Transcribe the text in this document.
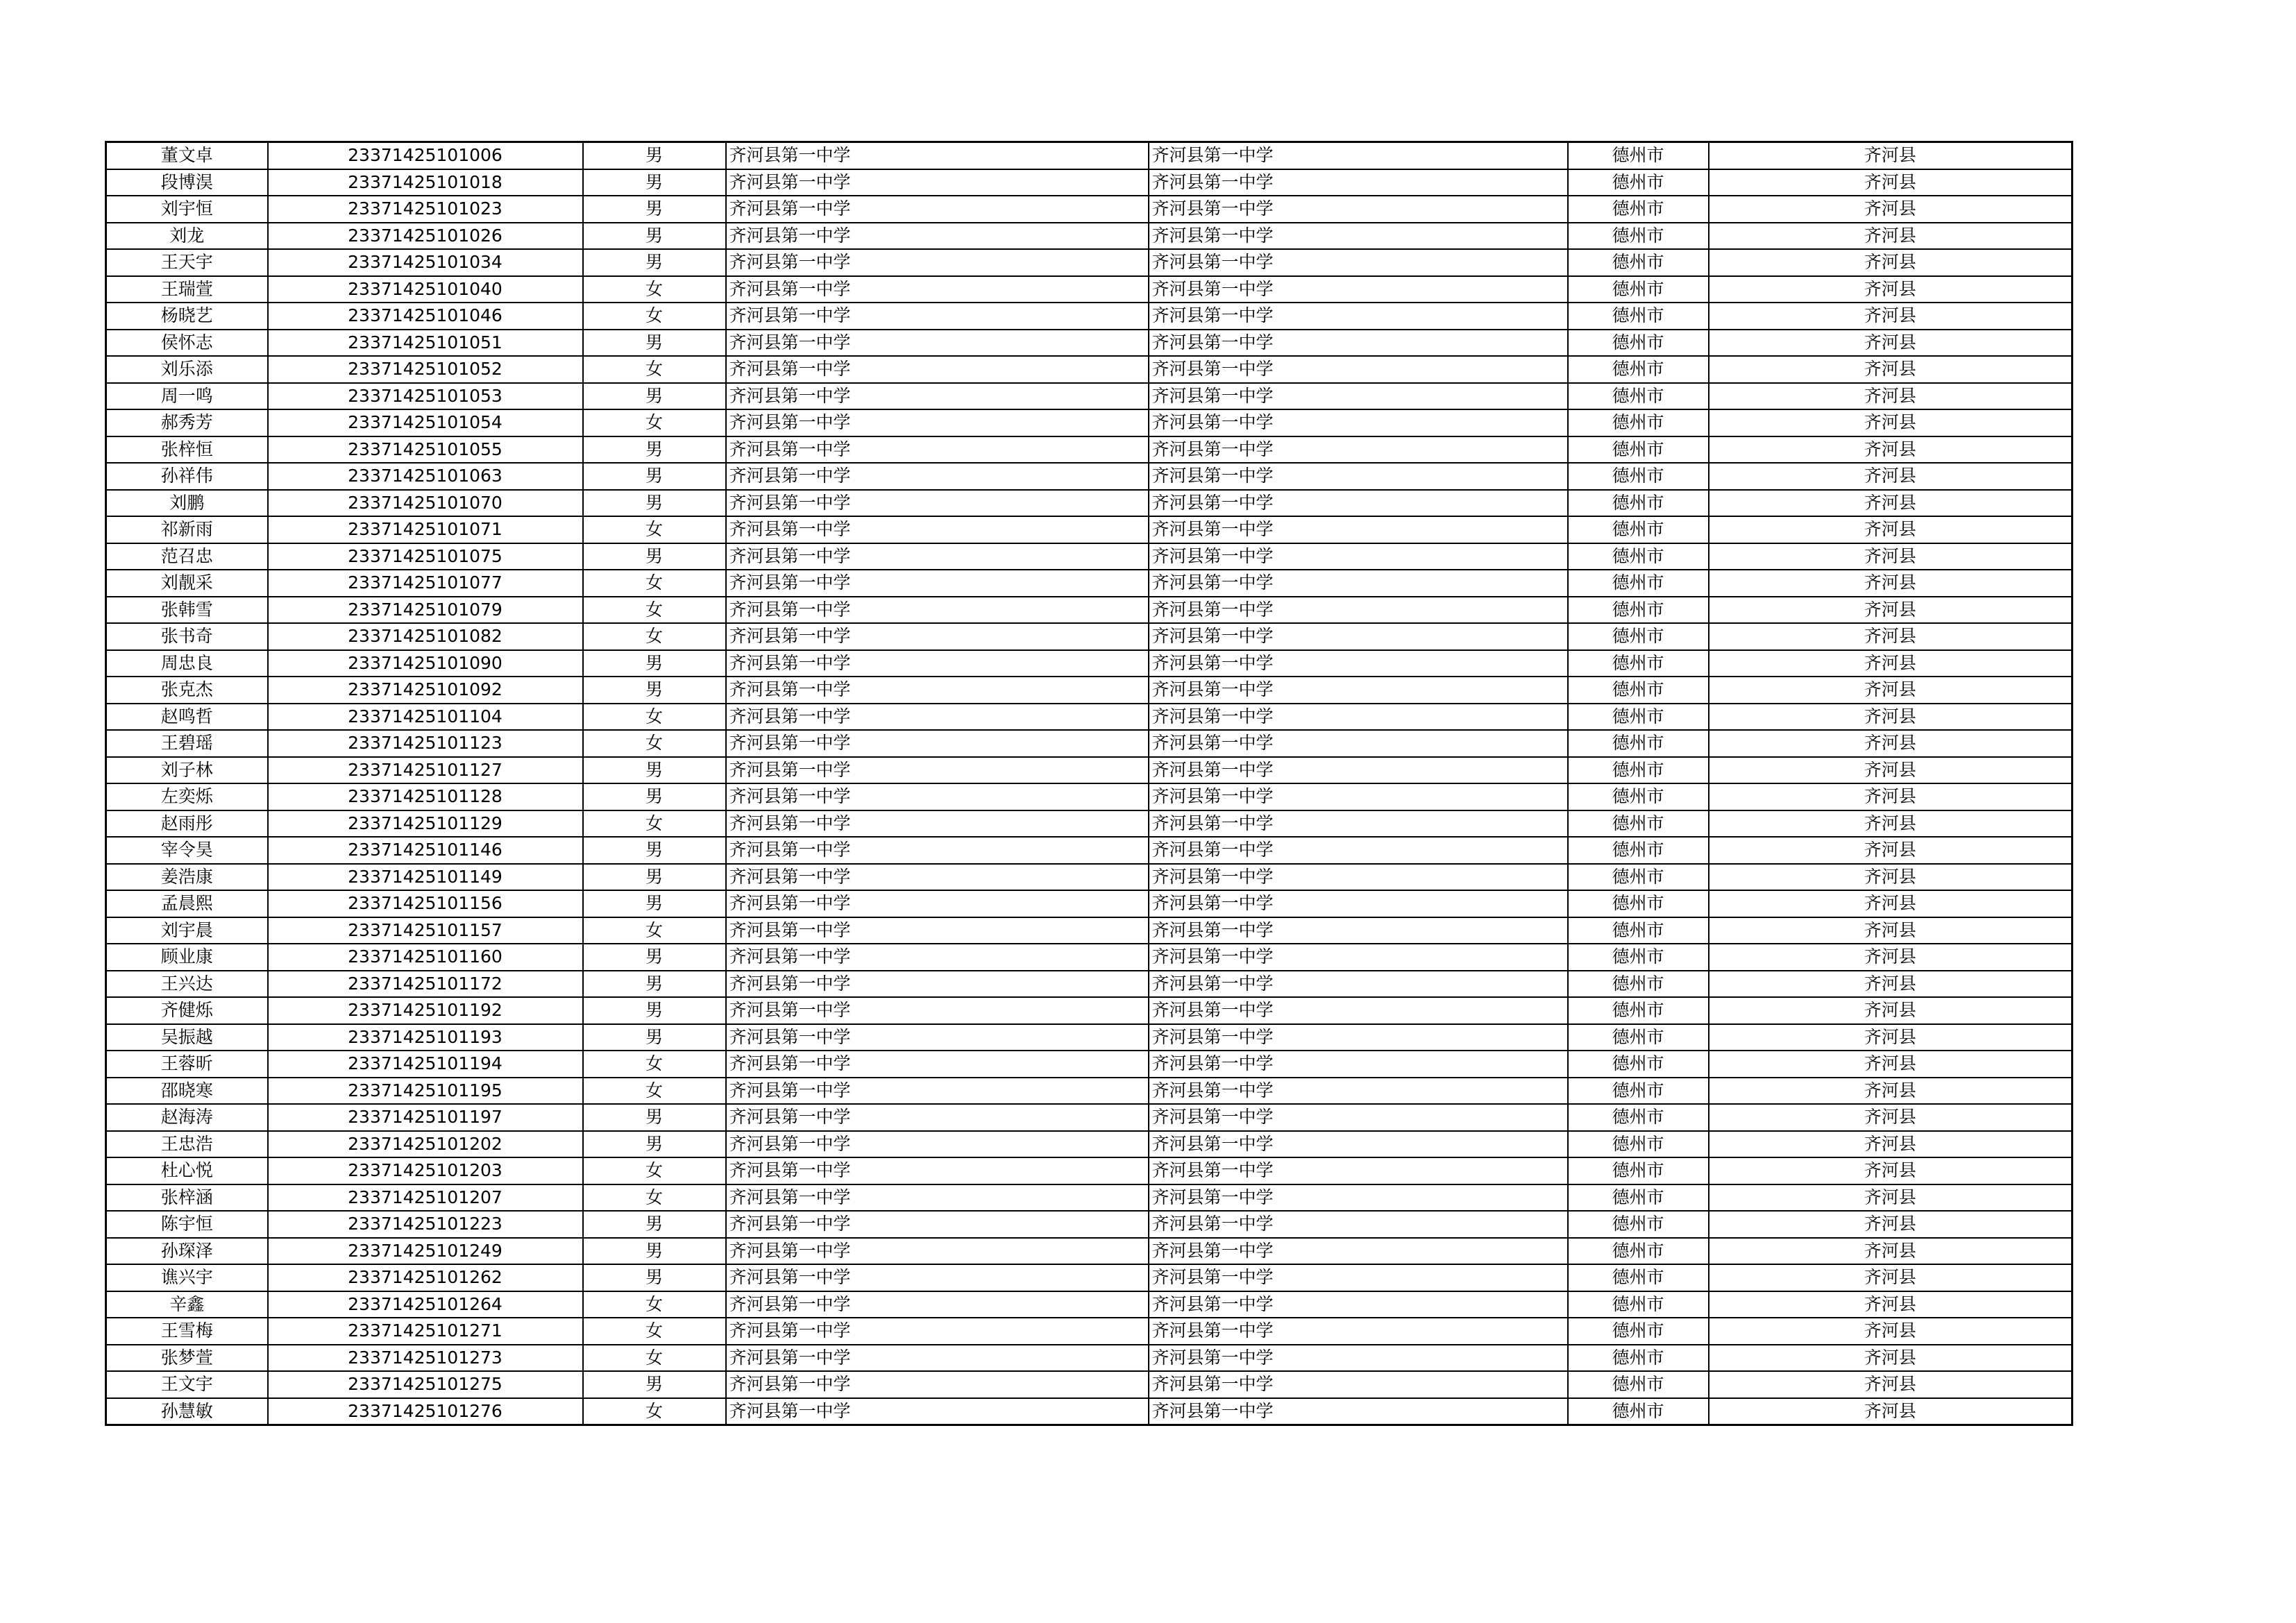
董文卓	23371425101006	男	齐河县第一中学	齐河县第一中学	德州市	齐河县
段博淏	23371425101018	男	齐河县第一中学	齐河县第一中学	德州市	齐河县
刘宇恒	23371425101023	男	齐河县第一中学	齐河县第一中学	德州市	齐河县
刘龙	23371425101026	男	齐河县第一中学	齐河县第一中学	德州市	齐河县
王天宇	23371425101034	男	齐河县第一中学	齐河县第一中学	德州市	齐河县
王瑞萱	23371425101040	女	齐河县第一中学	齐河县第一中学	德州市	齐河县
杨晓艺	23371425101046	女	齐河县第一中学	齐河县第一中学	德州市	齐河县
侯怀志	23371425101051	男	齐河县第一中学	齐河县第一中学	德州市	齐河县
刘乐添	23371425101052	女	齐河县第一中学	齐河县第一中学	德州市	齐河县
周一鸣	23371425101053	男	齐河县第一中学	齐河县第一中学	德州市	齐河县
郝秀芳	23371425101054	女	齐河县第一中学	齐河县第一中学	德州市	齐河县
张梓恒	23371425101055	男	齐河县第一中学	齐河县第一中学	德州市	齐河县
孙祥伟	23371425101063	男	齐河县第一中学	齐河县第一中学	德州市	齐河县
刘鹏	23371425101070	男	齐河县第一中学	齐河县第一中学	德州市	齐河县
祁新雨	23371425101071	女	齐河县第一中学	齐河县第一中学	德州市	齐河县
范召忠	23371425101075	男	齐河县第一中学	齐河县第一中学	德州市	齐河县
刘靓采	23371425101077	女	齐河县第一中学	齐河县第一中学	德州市	齐河县
张韩雪	23371425101079	女	齐河县第一中学	齐河县第一中学	德州市	齐河县
张书奇	23371425101082	女	齐河县第一中学	齐河县第一中学	德州市	齐河县
周忠良	23371425101090	男	齐河县第一中学	齐河县第一中学	德州市	齐河县
张克杰	23371425101092	男	齐河县第一中学	齐河县第一中学	德州市	齐河县
赵鸣哲	23371425101104	女	齐河县第一中学	齐河县第一中学	德州市	齐河县
王碧瑶	23371425101123	女	齐河县第一中学	齐河县第一中学	德州市	齐河县
刘子林	23371425101127	男	齐河县第一中学	齐河县第一中学	德州市	齐河县
左奕烁	23371425101128	男	齐河县第一中学	齐河县第一中学	德州市	齐河县
赵雨彤	23371425101129	女	齐河县第一中学	齐河县第一中学	德州市	齐河县
宰令昊	23371425101146	男	齐河县第一中学	齐河县第一中学	德州市	齐河县
姜浩康	23371425101149	男	齐河县第一中学	齐河县第一中学	德州市	齐河县
孟晨熙	23371425101156	男	齐河县第一中学	齐河县第一中学	德州市	齐河县
刘宇晨	23371425101157	女	齐河县第一中学	齐河县第一中学	德州市	齐河县
顾业康	23371425101160	男	齐河县第一中学	齐河县第一中学	德州市	齐河县
王兴达	23371425101172	男	齐河县第一中学	齐河县第一中学	德州市	齐河县
齐健烁	23371425101192	男	齐河县第一中学	齐河县第一中学	德州市	齐河县
吴振越	23371425101193	男	齐河县第一中学	齐河县第一中学	德州市	齐河县
王蓉昕	23371425101194	女	齐河县第一中学	齐河县第一中学	德州市	齐河县
邵晓寒	23371425101195	女	齐河县第一中学	齐河县第一中学	德州市	齐河县
赵海涛	23371425101197	男	齐河县第一中学	齐河县第一中学	德州市	齐河县
王忠浩	23371425101202	男	齐河县第一中学	齐河县第一中学	德州市	齐河县
杜心悦	23371425101203	女	齐河县第一中学	齐河县第一中学	德州市	齐河县
张梓涵	23371425101207	女	齐河县第一中学	齐河县第一中学	德州市	齐河县
陈宇恒	23371425101223	男	齐河县第一中学	齐河县第一中学	德州市	齐河县
孙琛泽	23371425101249	男	齐河县第一中学	齐河县第一中学	德州市	齐河县
谯兴宇	23371425101262	男	齐河县第一中学	齐河县第一中学	德州市	齐河县
辛鑫	23371425101264	女	齐河县第一中学	齐河县第一中学	德州市	齐河县
王雪梅	23371425101271	女	齐河县第一中学	齐河县第一中学	德州市	齐河县
张梦萱	23371425101273	女	齐河县第一中学	齐河县第一中学	德州市	齐河县
王文宇	23371425101275	男	齐河县第一中学	齐河县第一中学	德州市	齐河县
孙慧敏	23371425101276	女	齐河县第一中学	齐河县第一中学	德州市	齐河县
